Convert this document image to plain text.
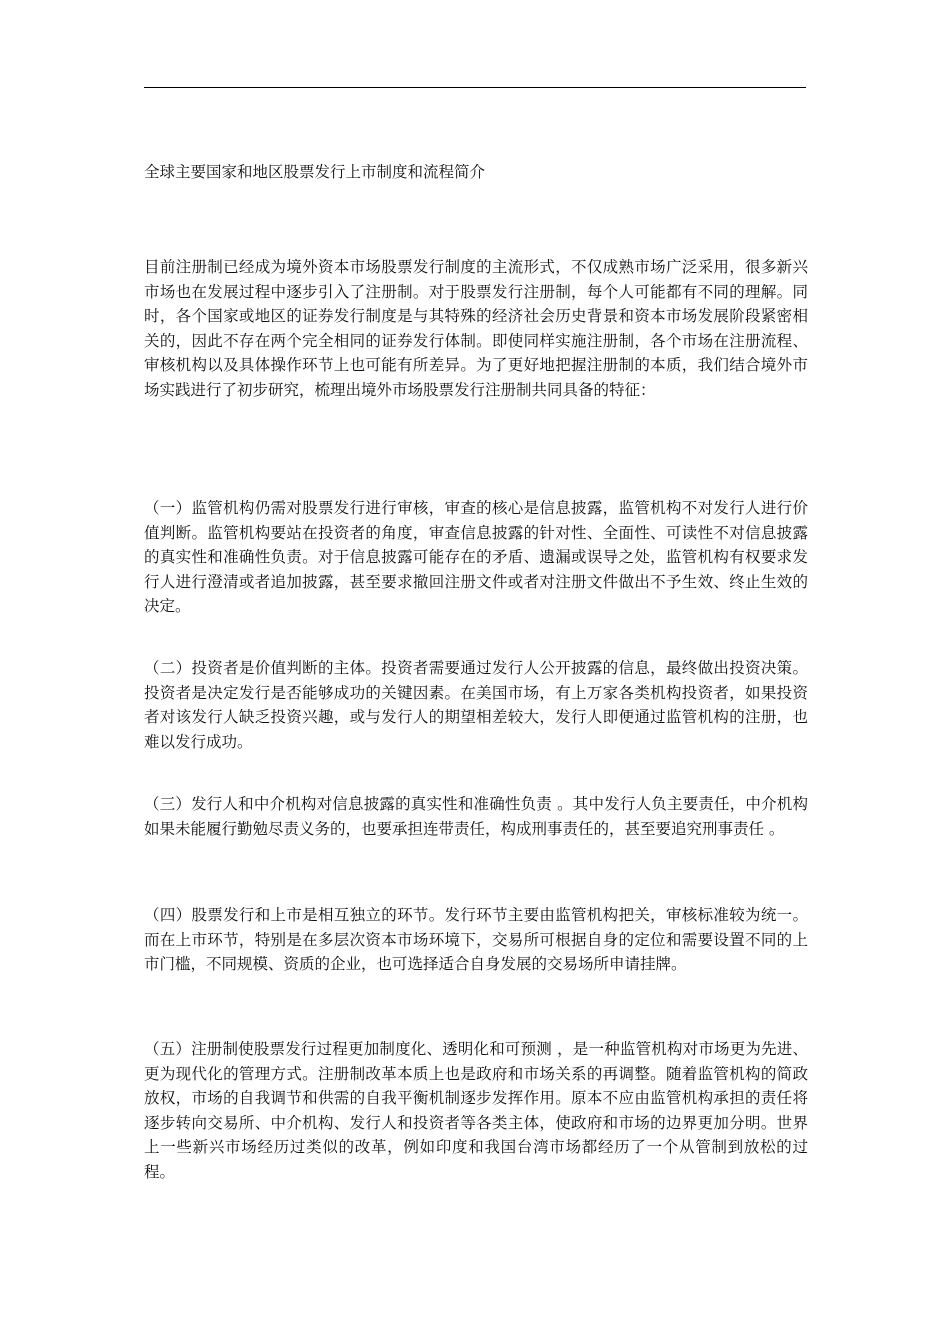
全球主要国家和地区股票发行上市制度和流程简介

目前注册制已经成为境外资本市场股票发行制度的主流形式，不仅成熟市场广泛采用，很多新兴市场也在发展过程中逐步引入了注册制。对于股票发行注册制，每个人可能都有不同的理解。同时，各个国家或地区的证券发行制度是与其特殊的经济社会历史背景和资本市场发展阶段紧密相关的，因此不存在两个完全相同的证券发行体制。即使同样实施注册制，各个市场在注册流程、审核机构以及具体操作环节上也可能有所差异。为了更好地把握注册制的本质，我们结合境外市场实践进行了初步研究，梳理出境外市场股票发行注册制共同具备的特征：

（一）监管机构仍需对股票发行进行审核，审查的核心是信息披露，监管机构不对发行人进行价值判断。监管机构要站在投资者的角度，审查信息披露的针对性、全面性、可读性不对信息披露的真实性和准确性负责。对于信息披露可能存在的矛盾、遗漏或误导之处，监管机构有权要求发行人进行澄清或者追加披露，甚至要求撤回注册文件或者对注册文件做出不予生效、终止生效的决定。

（二）投资者是价值判断的主体。投资者需要通过发行人公开披露的信息，最终做出投资决策。投资者是决定发行是否能够成功的关键因素。在美国市场，有上万家各类机构投资者，如果投资者对该发行人缺乏投资兴趣，或与发行人的期望相差较大，发行人即便通过监管机构的注册，也难以发行成功。

（三）发行人和中介机构对信息披露的真实性和准确性负责 。其中发行人负主要责任，中介机构如果未能履行勤勉尽责义务的，也要承担连带责任，构成刑事责任的，甚至要追究刑事责任 。

（四）股票发行和上市是相互独立的环节。发行环节主要由监管机构把关，审核标准较为统一。而在上市环节，特别是在多层次资本市场环境下，交易所可根据自身的定位和需要设置不同的上市门槛，不同规模、资质的企业，也可选择适合自身发展的交易场所申请挂牌。

（五）注册制使股票发行过程更加制度化、透明化和可预测 ，是一种监管机构对市场更为先进、更为现代化的管理方式。注册制改革本质上也是政府和市场关系的再调整。随着监管机构的简政放权，市场的自我调节和供需的自我平衡机制逐步发挥作用。原本不应由监管机构承担的责任将逐步转向交易所、中介机构、发行人和投资者等各类主体，使政府和市场的边界更加分明。世界上一些新兴市场经历过类似的改革，例如印度和我国台湾市场都经历了一个从管制到放松的过程。
